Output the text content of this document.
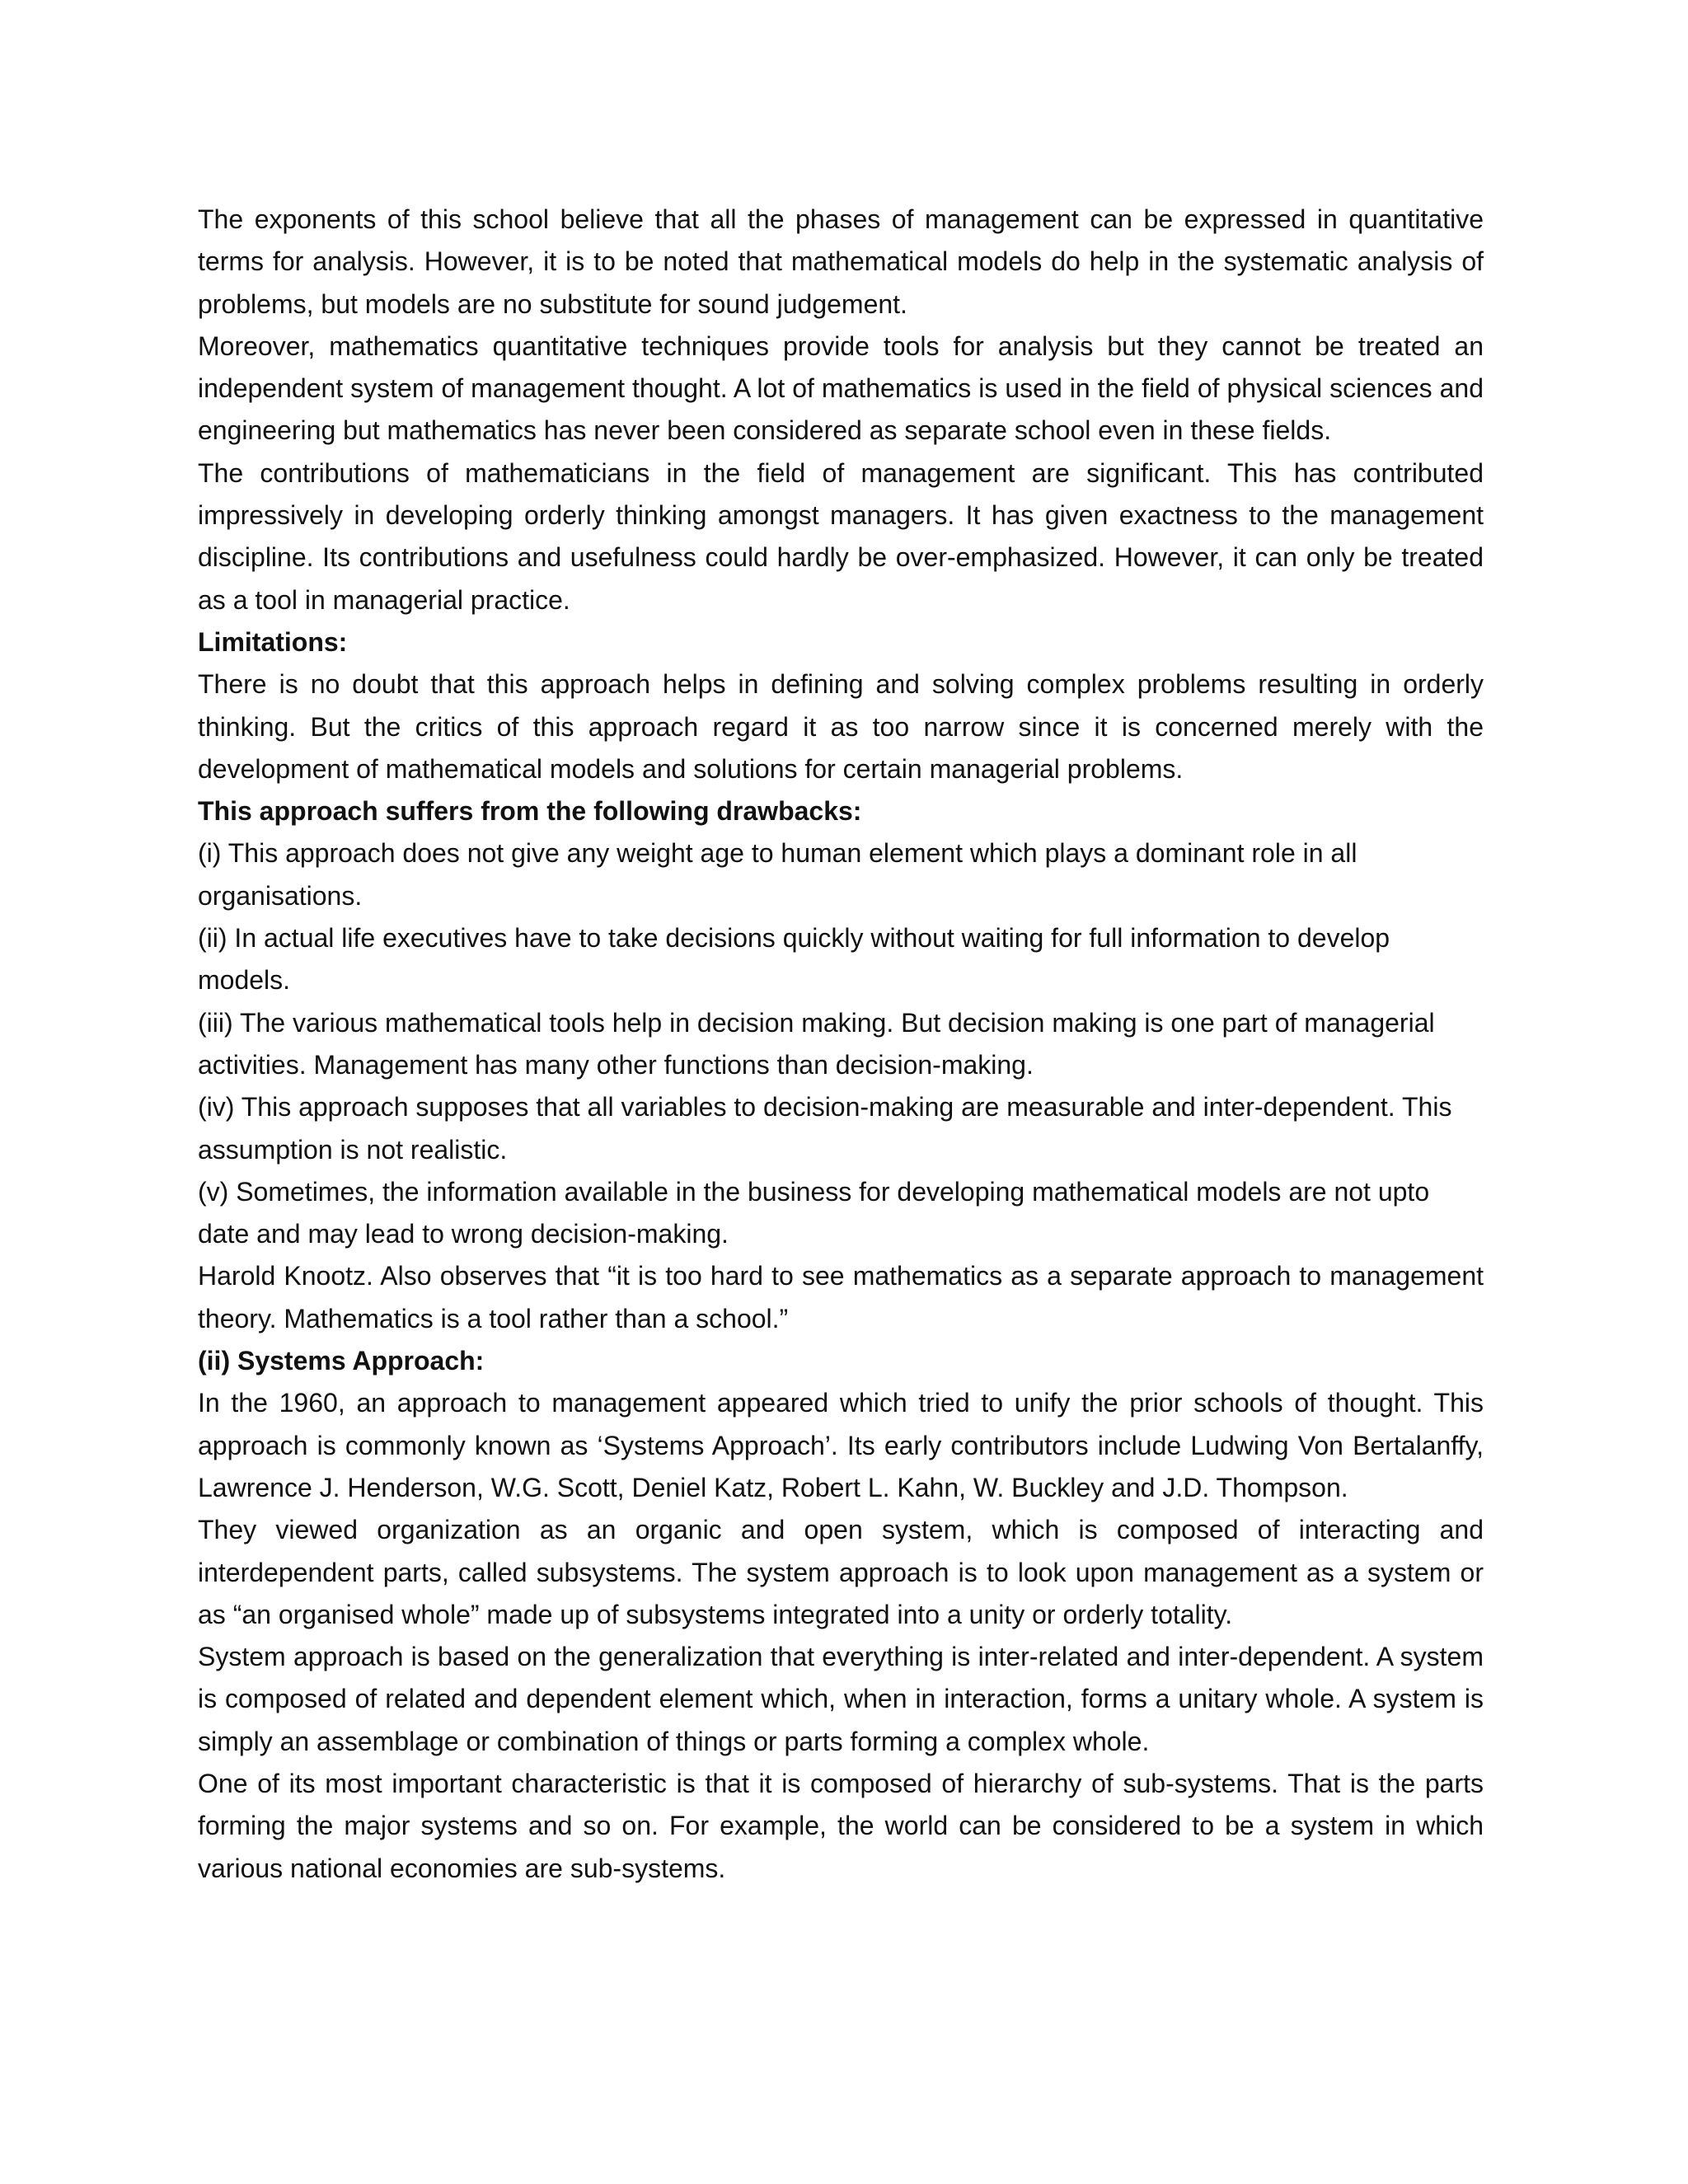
The exponents of this school believe that all the phases of management can be expressed in quantitative terms for analysis. However, it is to be noted that mathematical models do help in the systematic analysis of problems, but models are no substitute for sound judgement.

Moreover, mathematics quantitative techniques provide tools for analysis but they cannot be treated an independent system of management thought. A lot of mathematics is used in the field of physical sciences and engineering but mathematics has never been considered as separate school even in these fields.

The contributions of mathematicians in the field of management are significant. This has contributed impressively in developing orderly thinking amongst managers. It has given exactness to the management discipline. Its contributions and usefulness could hardly be over-emphasized. However, it can only be treated as a tool in managerial practice.

Limitations:

There is no doubt that this approach helps in defining and solving complex problems resulting in orderly thinking. But the critics of this approach regard it as too narrow since it is concerned merely with the development of mathematical models and solutions for certain managerial problems.

This approach suffers from the following drawbacks:

(i) This approach does not give any weight age to human element which plays a dominant role in all organisations.

(ii) In actual life executives have to take decisions quickly without waiting for full information to develop models.

(iii) The various mathematical tools help in decision making. But decision making is one part of managerial activities. Management has many other functions than decision-making.

(iv) This approach supposes that all variables to decision-making are measurable and inter-dependent. This assumption is not realistic.

(v) Sometimes, the information available in the business for developing mathematical models are not upto date and may lead to wrong decision-making.

Harold Knootz. Also observes that “it is too hard to see mathematics as a separate approach to management theory. Mathematics is a tool rather than a school.”

(ii) Systems Approach:

In the 1960, an approach to management appeared which tried to unify the prior schools of thought. This approach is commonly known as ‘Systems Approach’. Its early contributors include Ludwing Von Bertalanffy, Lawrence J. Henderson, W.G. Scott, Deniel Katz, Robert L. Kahn, W. Buckley and J.D. Thompson.

They viewed organization as an organic and open system, which is composed of interacting and interdependent parts, called subsystems. The system approach is to look upon management as a system or as “an organised whole” made up of subsystems integrated into a unity or orderly totality.

System approach is based on the generalization that everything is inter-related and inter-dependent. A system is composed of related and dependent element which, when in interaction, forms a unitary whole. A system is simply an assemblage or combination of things or parts forming a complex whole.

One of its most important characteristic is that it is composed of hierarchy of sub-systems. That is the parts forming the major systems and so on. For example, the world can be considered to be a system in which various national economies are sub-systems.
